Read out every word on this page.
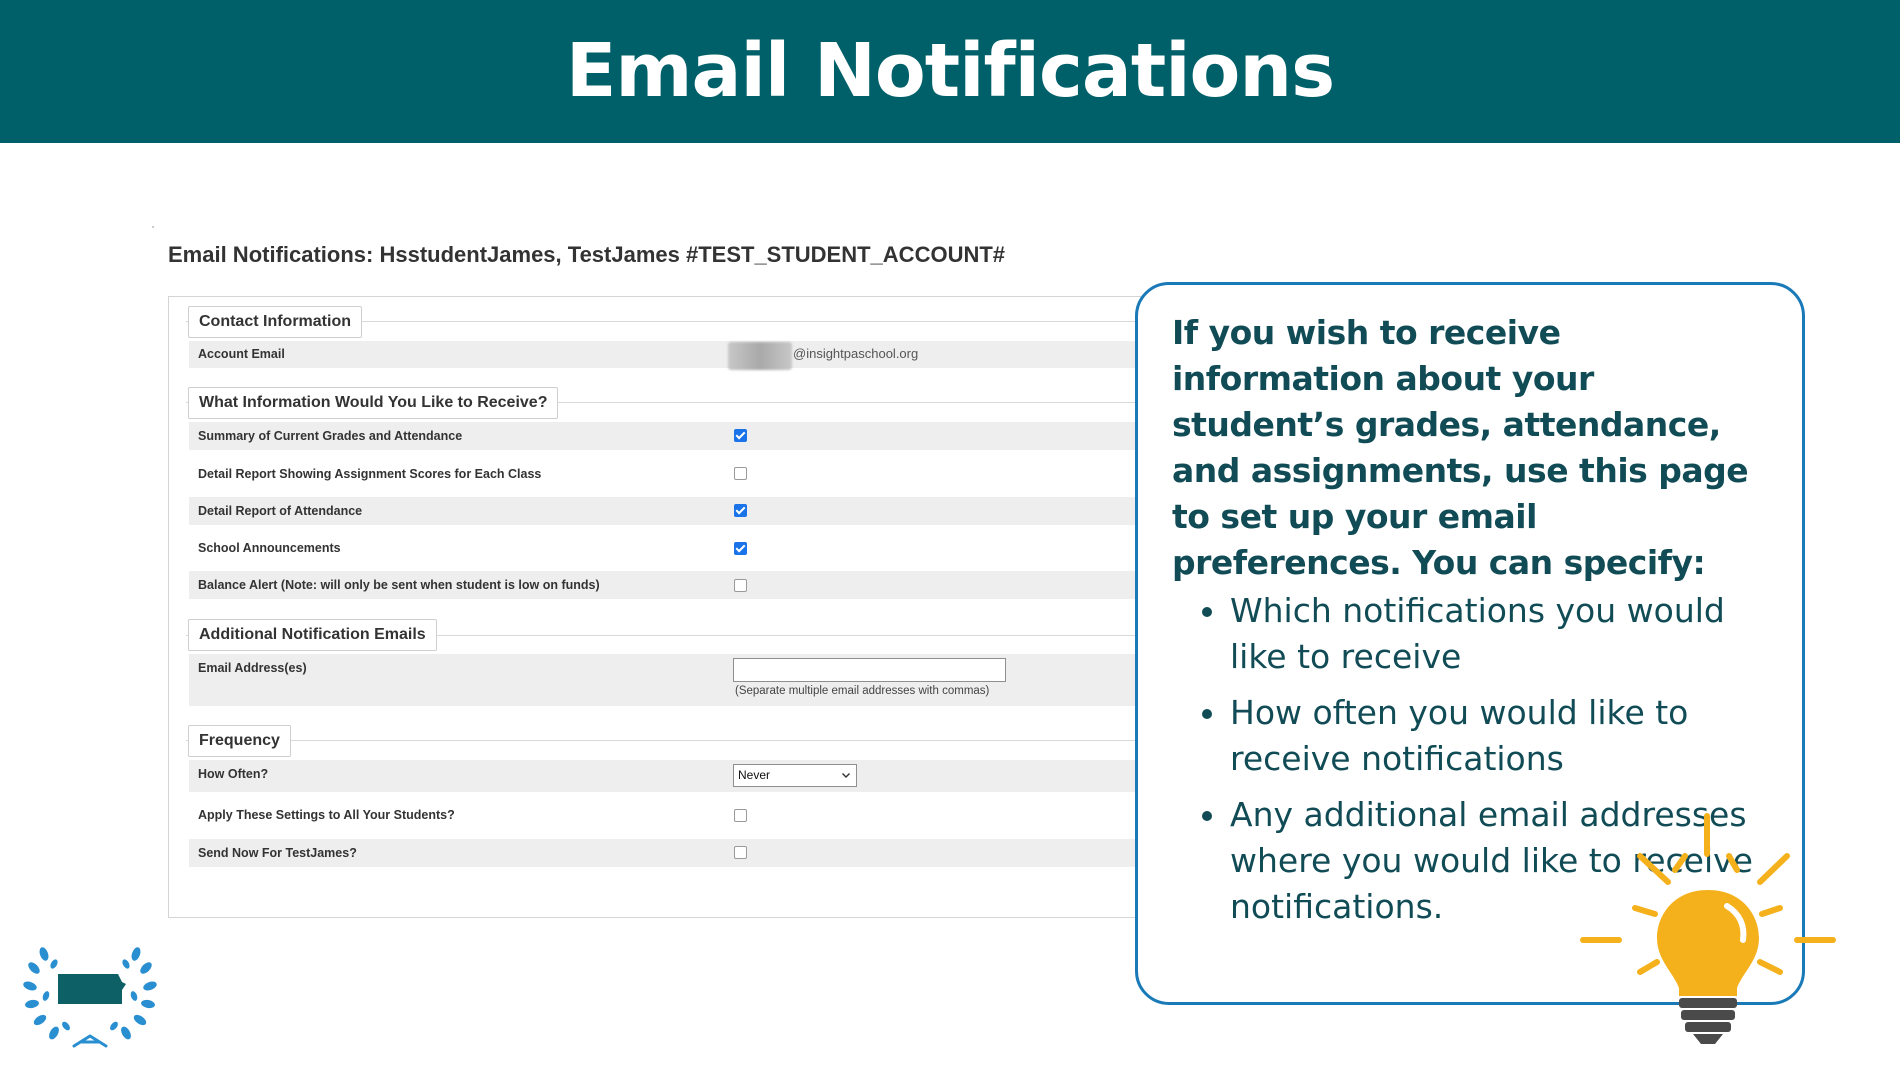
Email Notifications
ˈ
Email Notifications: HsstudentJames, TestJames #TEST_STUDENT_ACCOUNT#
Contact Information
Account Email	@insightpaschool.org
What Information Would You Like to Receive?
Summary of Current Grades and Attendance
Detail Report Showing Assignment Scores for Each Class
Detail Report of Attendance
School Announcements
Balance Alert (Note: will only be sent when student is low on funds)
Additional Notification Emails
Email Address(es)
(Separate multiple email addresses with commas)
Frequency
How Often?	Never
Apply These Settings to All Your Students?
Send Now For TestJames?
If you wish to receive information about your student’s grades, attendance, and assignments, use this page to set up your email preferences. You can specify:
Which notifications you would like to receive
How often you would like to receive notifications
Any additional email addresses where you would like to receive notifications.
